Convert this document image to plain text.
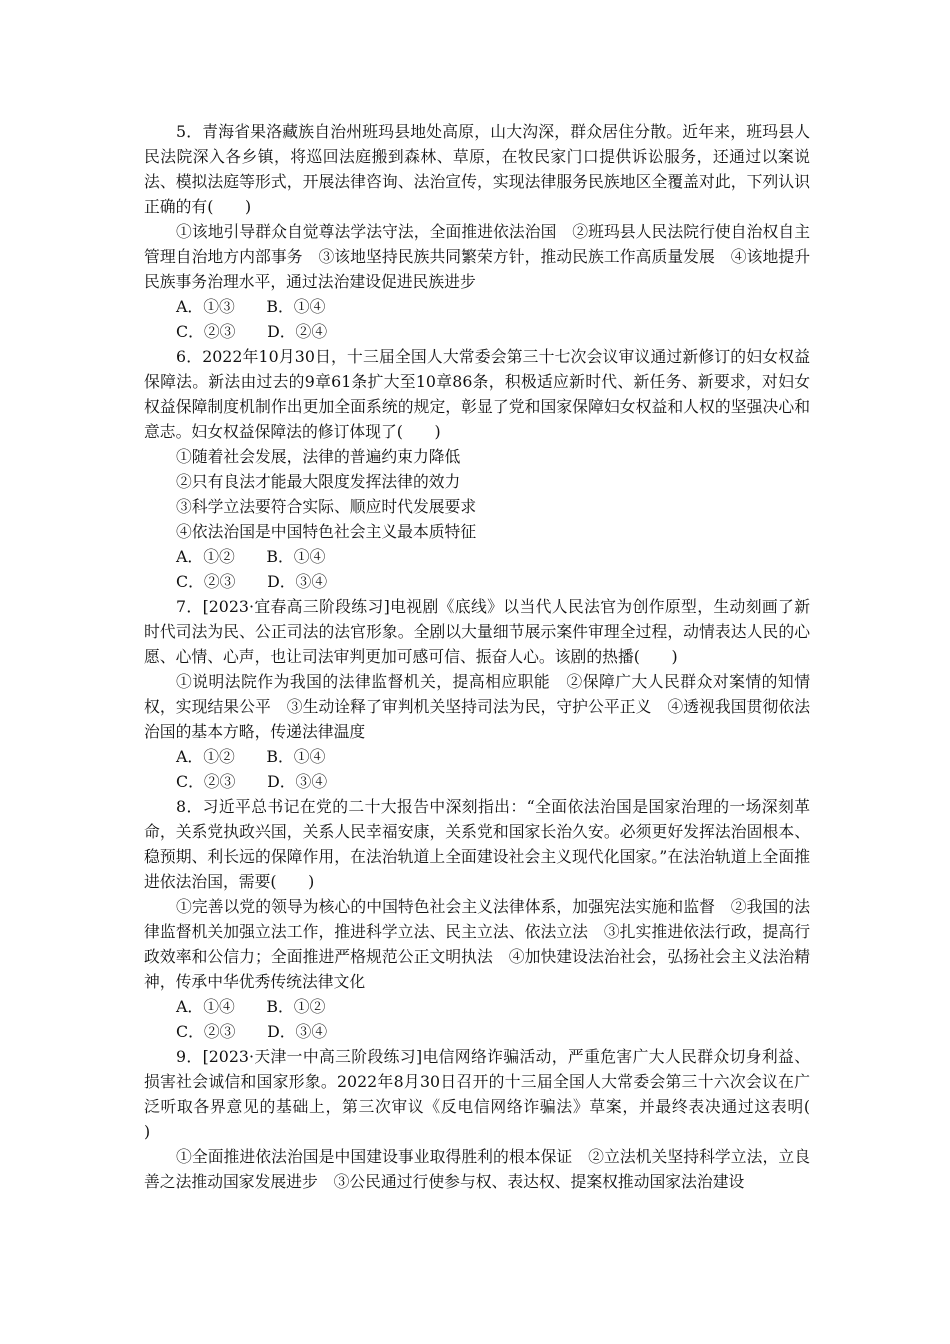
5．青海省果洛藏族自治州班玛县地处高原，山大沟深，群众居住分散。近年来，班玛县人民法院深入各乡镇，将巡回法庭搬到森林、草原，在牧民家门口提供诉讼服务，还通过以案说法、模拟法庭等形式，开展法律咨询、法治宣传，实现法律服务民族地区全覆盖对此，下列认识正确的有(　　)

①该地引导群众自觉尊法学法守法，全面推进依法治国　②班玛县人民法院行使自治权自主管理自治地方内部事务　③该地坚持民族共同繁荣方针，推动民族工作高质量发展　④该地提升民族事务治理水平，通过法治建设促进民族进步

A．①③　　B．①④

C．②③　　D．②④

6．2022年10月30日，十三届全国人大常委会第三十七次会议审议通过新修订的妇女权益保障法。新法由过去的9章61条扩大至10章86条，积极适应新时代、新任务、新要求，对妇女权益保障制度机制作出更加全面系统的规定，彰显了党和国家保障妇女权益和人权的坚强决心和意志。妇女权益保障法的修订体现了(　　)

①随着社会发展，法律的普遍约束力降低

②只有良法才能最大限度发挥法律的效力

③科学立法要符合实际、顺应时代发展要求

④依法治国是中国特色社会主义最本质特征

A．①②　　B．①④

C．②③　　D．③④

7．[2023·宜春高三阶段练习]电视剧《底线》以当代人民法官为创作原型，生动刻画了新时代司法为民、公正司法的法官形象。全剧以大量细节展示案件审理全过程，动情表达人民的心愿、心情、心声，也让司法审判更加可感可信、振奋人心。该剧的热播(　　)

①说明法院作为我国的法律监督机关，提高相应职能　②保障广大人民群众对案情的知情权，实现结果公平　③生动诠释了审判机关坚持司法为民，守护公平正义　④透视我国贯彻依法治国的基本方略，传递法律温度

A．①②　　B．①④

C．②③　　D．③④

8．习近平总书记在党的二十大报告中深刻指出：“全面依法治国是国家治理的一场深刻革命，关系党执政兴国，关系人民幸福安康，关系党和国家长治久安。必须更好发挥法治固根本、稳预期、利长远的保障作用，在法治轨道上全面建设社会主义现代化国家。”在法治轨道上全面推进依法治国，需要(　　)

①完善以党的领导为核心的中国特色社会主义法律体系，加强宪法实施和监督　②我国的法律监督机关加强立法工作，推进科学立法、民主立法、依法立法　③扎实推进依法行政，提高行政效率和公信力；全面推进严格规范公正文明执法　④加快建设法治社会，弘扬社会主义法治精神，传承中华优秀传统法律文化

A．①④　　B．①②

C．②③　　D．③④

9．[2023·天津一中高三阶段练习]电信网络诈骗活动，严重危害广大人民群众切身利益、损害社会诚信和国家形象。2022年8月30日召开的十三届全国人大常委会第三十六次会议在广泛听取各界意见的基础上，第三次审议《反电信网络诈骗法》草案，并最终表决通过这表明(　　)

①全面推进依法治国是中国建设事业取得胜利的根本保证　②立法机关坚持科学立法，立良善之法推动国家发展进步　③公民通过行使参与权、表达权、提案权推动国家法治建设
